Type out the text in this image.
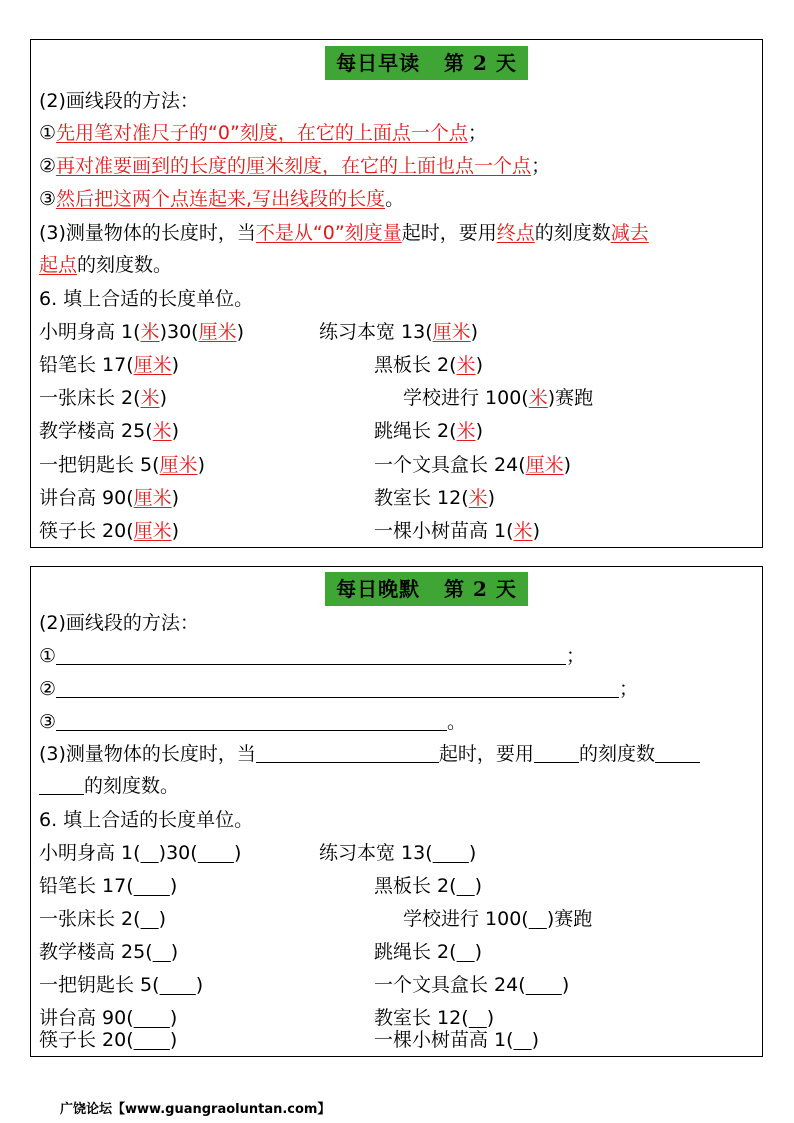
每日早读   第 2 天
(2)画线段的方法：
①先用笔对准尺子的“0”刻度，在它的上面点一个点；
②再对准要画到的长度的厘米刻度，在它的上面也点一个点；
③然后把这两个点连起来,写出线段的长度。
(3)测量物体的长度时，当不是从“0”刻度量起时，要用终点的刻度数减去
起点的刻度数。
6. 填上合适的长度单位。
小明身高 1(米)30(厘米)	练习本宽 13(厘米)
铅笔长 17(厘米)	黑板长 2(米)
一张床长 2(米)	学校进行 100(米)赛跑
教学楼高 25(米)	跳绳长 2(米)
一把钥匙长 5(厘米)	一个文具盒长 24(厘米)
讲台高 90(厘米)	教室长 12(米)
筷子长 20(厘米)	一棵小树苗高 1(米)
每日晚默   第 2 天
(2)画线段的方法：
①	；
②	；
③	。
(3)测量物体的长度时，当	起时，要用 的刻度数
的刻度数。
6. 填上合适的长度单位。
小明身高 1( )30( )	练习本宽 13( )
铅笔长 17( )	黑板长 2( )
一张床长 2( )	学校进行 100( )赛跑
教学楼高 25( )	跳绳长 2( )
一把钥匙长 5( )	一个文具盒长 24( )
讲台高 90( )	教室长 12( )
筷子长 20( )	一棵小树苗高 1( )
广饶论坛【www.guangraoluntan.com】
